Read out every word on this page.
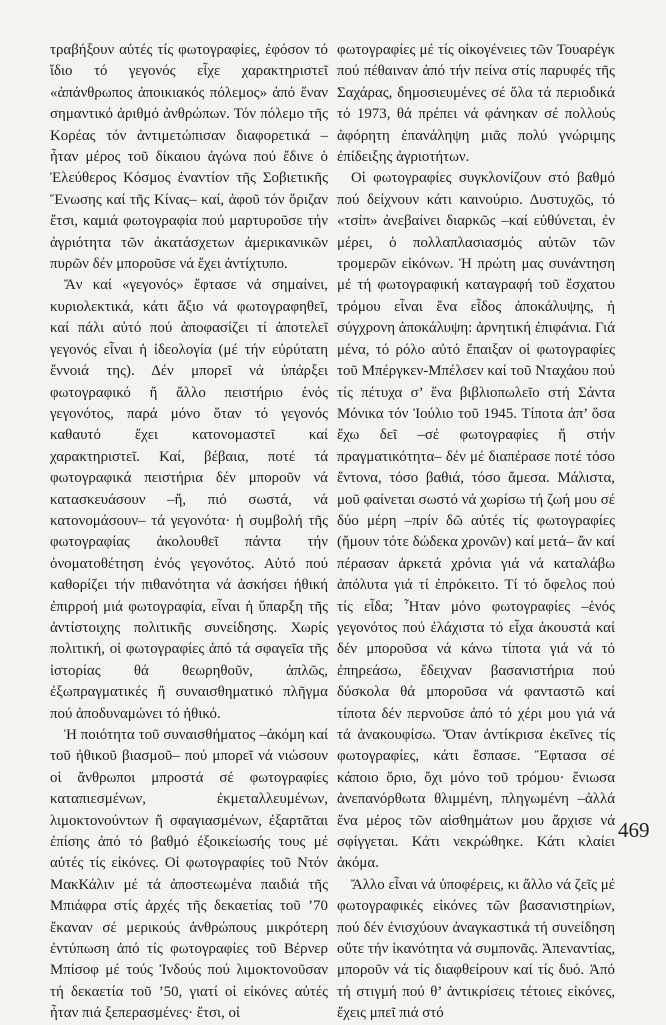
τραβήξουν αὐτές τίς φωτογραφίες, ἐφόσον τό ἴδιο τό γεγονός εἶχε χαρακτηριστεῖ «ἀπάνθρωπος ἀποικιακός πόλεμος» ἀπό ἕναν σημαντικό ἀριθμό ἀνθρώπων. Τόν πόλεμο τῆς Κορέας τόν ἀντιμετώπισαν διαφορετικά –ἦταν μέρος τοῦ δίκαιου ἀγώνα πού ἔδινε ὁ Ἐλεύθερος Κόσμος ἐναντίον τῆς Σοβιετικῆς Ἕνωσης καί τῆς Κίνας– καί, ἀφοῦ τόν ὅριζαν ἔτσι, καμιά φωτογραφία πού μαρτυροῦσε τήν ἀγριότητα τῶν ἀκατάσχετων ἀμερικανικῶν πυρῶν δέν μποροῦσε νά ἔχει ἀντίχτυπο.

Ἄν καί «γεγονός» ἔφτασε νά σημαίνει, κυριολεκτικά, κάτι ἄξιο νά φωτογραφηθεῖ, καί πάλι αὐτό πού ἀποφασίζει τί ἀποτελεῖ γεγονός εἶναι ἡ ἰδεολογία (μέ τήν εὐρύτατη ἔννοιά της). Δέν μπορεῖ νά ὑπάρξει φωτογραφικό ἤ ἄλλο πειστήριο ἑνός γεγονότος, παρά μόνο ὅταν τό γεγονός καθαυτό ἔχει κατονομαστεῖ καί χαρακτηριστεῖ. Καί, βέβαια, ποτέ τά φωτογραφικά πειστήρια δέν μποροῦν νά κατασκευάσουν –ἤ, πιό σωστά, νά κατονομάσουν– τά γεγονότα· ἡ συμβολή τῆς φωτογραφίας ἀκολουθεῖ πάντα τήν ὀνοματοθέτηση ἑνός γεγονότος. Αὐτό πού καθορίζει τήν πιθανότητα νά ἀσκήσει ἠθική ἐπιρροή μιά φωτογραφία, εἶναι ἡ ὕπαρξη τῆς ἀντίστοιχης πολιτικῆς συνείδησης. Χωρίς πολιτική, οἱ φωτογραφίες ἀπό τά σφαγεῖα τῆς ἱστορίας θά θεωρηθοῦν, ἁπλῶς, ἐξωπραγματικές ἤ συναισθηματικό πλῆγμα πού ἀποδυναμώνει τό ἠθικό.

Ἡ ποιότητα τοῦ συναισθήματος –ἀκόμη καί τοῦ ἠθικοῦ βιασμοῦ– πού μπορεῖ νά νιώσουν οἱ ἄνθρωποι μπροστά σέ φωτογραφίες καταπιεσμένων, ἐκμεταλλευμένων, λιμοκτονούντων ἤ σφαγιασμένων, ἐξαρτᾶται ἐπίσης ἀπό τό βαθμό ἐξοικείωσής τους μέ αὐτές τίς εἰκόνες. Οἱ φωτογραφίες τοῦ Ντόν ΜακΚάλιν μέ τά ἀποστεωμένα παιδιά τῆς Μπιάφρα στίς ἀρχές τῆς δεκαετίας τοῦ ’70 ἔκαναν σέ μερικούς ἀνθρώπους μικρότερη ἐντύπωση ἀπό τίς φωτογραφίες τοῦ Βέρνερ Μπίσοφ μέ τούς Ἰνδούς πού λιμοκτονοῦσαν τή δεκαετία τοῦ ’50, γιατί οἱ εἰκόνες αὐτές ἦταν πιά ξεπερασμένες· ἔτσι, οἱ

φωτογραφίες μέ τίς οἰκογένειες τῶν Τουαρέγκ πού πέθαιναν ἀπό τήν πείνα στίς παρυφές τῆς Σαχάρας, δημοσιευμένες σέ ὅλα τά περιοδικά τό 1973, θά πρέπει νά φάνηκαν σέ πολλούς ἀφόρητη ἐπανάληψη μιᾶς πολύ γνώριμης ἐπίδειξης ἀγριοτήτων.

Οἱ φωτογραφίες συγκλονίζουν στό βαθμό πού δείχνουν κάτι καινούριο. Δυστυχῶς, τό «τσίπ» ἀνεβαίνει διαρκῶς –καί εὐθύνεται, ἐν μέρει, ὁ πολλαπλασιασμός αὐτῶν τῶν τρομερῶν εἰκόνων. Ἡ πρώτη μας συνάντηση μέ τή φωτογραφική καταγραφή τοῦ ἔσχατου τρόμου εἶναι ἕνα εἶδος ἀποκάλυψης, ἡ σύγχρονη ἀποκάλυψη: ἀρνητική ἐπιφάνια. Γιά μένα, τό ρόλο αὐτό ἔπαιξαν οἱ φωτογραφίες τοῦ Μπέργκεν-Μπέλσεν καί τοῦ Νταχάου πού τίς πέτυχα σ’ ἕνα βιβλιοπωλεῖο στή Σάντα Μόνικα τόν Ἰούλιο τοῦ 1945. Τίποτα ἀπ’ ὅσα ἔχω δεῖ –σέ φωτογραφίες ἤ στήν πραγματικότητα– δέν μέ διαπέρασε ποτέ τόσο ἔντονα, τόσο βαθιά, τόσο ἄμεσα. Μάλιστα, μοῦ φαίνεται σωστό νά χωρίσω τή ζωή μου σέ δύο μέρη –πρίν δῶ αὐτές τίς φωτογραφίες (ἤμουν τότε δώδεκα χρονῶν) καί μετά– ἄν καί πέρασαν ἀρκετά χρόνια γιά νά καταλάβω ἀπόλυτα γιά τί ἐπρόκειτο. Τί τό ὄφελος πού τίς εἶδα; Ἦταν μόνο φωτογραφίες –ἑνός γεγονότος πού ἐλάχιστα τό εἶχα ἀκουστά καί δέν μποροῦσα νά κάνω τίποτα γιά νά τό ἐπηρεάσω, ἔδειχναν βασανιστήρια πού δύσκολα θά μποροῦσα νά φανταστῶ καί τίποτα δέν περνοῦσε ἀπό τό χέρι μου γιά νά τά ἀνακουφίσω. Ὅταν ἀντίκρισα ἐκεῖνες τίς φωτογραφίες, κάτι ἔσπασε. Ἔφτασα σέ κάποιο ὅριο, ὄχι μόνο τοῦ τρόμου· ἔνιωσα ἀνεπανόρθωτα θλιμμένη, πληγωμένη –ἀλλά ἕνα μέρος τῶν αἰσθημάτων μου ἄρχισε νά σφίγγεται. Κάτι νεκρώθηκε. Κάτι κλαίει ἀκόμα.

Ἄλλο εἶναι νά ὑποφέρεις, κι ἄλλο νά ζεῖς μέ φωτογραφικές εἰκόνες τῶν βασανιστηρίων, πού δέν ἐνισχύουν ἀναγκαστικά τή συνείδηση οὔτε τήν ἱκανότητα νά συμπονᾶς. Ἀπεναντίας, μποροῦν νά τίς διαφθείρουν καί τίς δυό. Ἀπό τή στιγμή πού θ’ ἀντικρίσεις τέτοιες εἰκόνες, ἔχεις μπεῖ πιά στό

469
